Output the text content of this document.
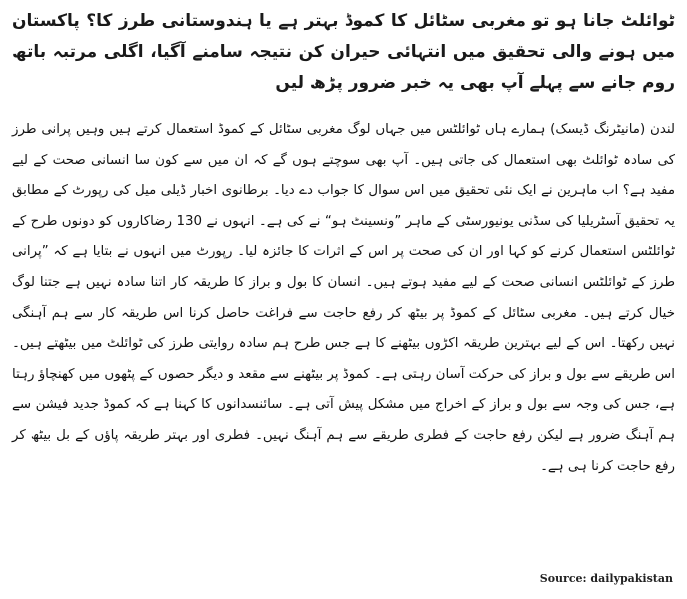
ٹوائلٹ جانا ہو تو مغربی سٹائل کا کموڈ بہتر ہے یا ہندوستانی طرز کا؟ پاکستان میں ہونے والی تحقیق میں انتہائی حیران کن نتیجہ سامنے آگیا، اگلی مرتبہ باتھ روم جانے سے پہلے آپ بھی یہ خبر ضرور پڑھ لیں

لندن (مانیٹرنگ ڈیسک) ہمارے ہاں ٹوائلٹس میں جہاں لوگ مغربی سٹائل کے کموڈ استعمال کرتے ہیں وہیں پرانی طرز کی سادہ ٹوائلٹ بھی استعمال کی جاتی ہیں۔ آپ بھی سوچتے ہوں گے کہ ان میں سے کون سا انسانی صحت کے لیے مفید ہے؟ اب ماہرین نے ایک نئی تحقیق میں اس سوال کا جواب دے دیا۔ برطانوی اخبار ڈیلی میل کی رپورٹ کے مطابق یہ تحقیق آسٹریلیا کی سڈنی یونیورسٹی کے ماہر ”ونسینٹ ہو“ نے کی ہے۔ انہوں نے 130 رضاکاروں کو دونوں طرح کے ٹوائلٹس استعمال کرنے کو کہا اور ان کی صحت پر اس کے اثرات کا جائزہ لیا۔ رپورٹ میں انہوں نے بتایا ہے کہ ”پرانی طرز کے ٹوائلٹس انسانی صحت کے لیے مفید ہوتے ہیں۔ انسان کا بول و براز کا طریقہ کار اتنا سادہ نہیں ہے جتنا لوگ خیال کرتے ہیں۔ مغربی سٹائل کے کموڈ پر بیٹھ کر رفع حاجت سے فراغت حاصل کرنا اس طریقہ کار سے ہم آہنگی نہیں رکھتا۔ اس کے لیے بہترین طریقہ اکڑوں بیٹھنے کا ہے جس طرح ہم سادہ روایتی طرز کی ٹوائلٹ میں بیٹھتے ہیں۔ اس طریقے سے بول و براز کی حرکت آسان رہتی ہے۔ کموڈ پر بیٹھنے سے مقعد و دیگر حصوں کے پٹھوں میں کھنچاؤ رہتا ہے، جس کی وجہ سے بول و براز کے اخراج میں مشکل پیش آتی ہے۔ سائنسدانوں کا کہنا ہے کہ کموڈ جدید فیشن سے ہم آہنگ ضرور ہے لیکن رفع حاجت کے فطری طریقے سے ہم آہنگ نہیں۔ فطری اور بہتر طریقہ پاؤں کے بل بیٹھ کر رفع حاجت کرنا ہی ہے۔

Source: dailypakistan
